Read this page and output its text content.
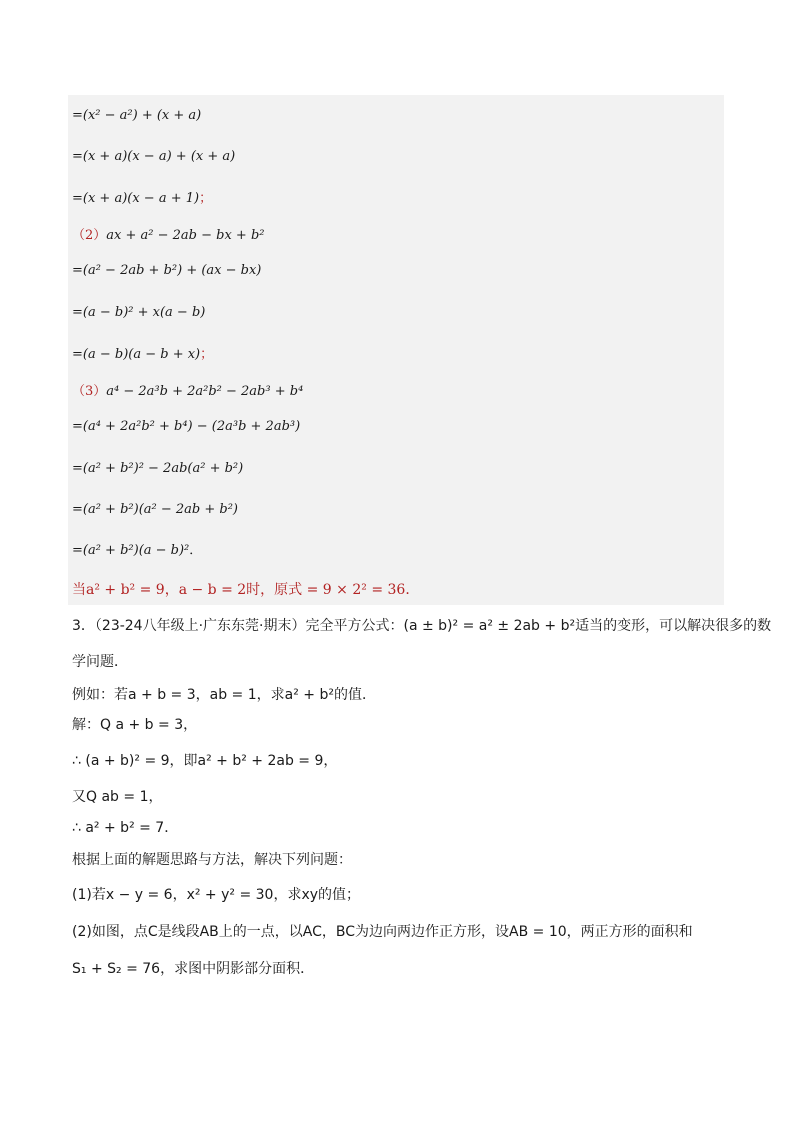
=(x² − a²) + (x + a)
=(x + a)(x − a) + (x + a)
=(x + a)(x − a + 1)；
（2）ax + a² − 2ab − bx + b²
=(a² − 2ab + b²) + (ax − bx)
=(a − b)² + x(a − b)
=(a − b)(a − b + x)；
（3）a⁴ − 2a³b + 2a²b² − 2ab³ + b⁴
=(a⁴ + 2a²b² + b⁴) − (2a³b + 2ab³)
=(a² + b²)² − 2ab(a² + b²)
=(a² + b²)(a² − 2ab + b²)
=(a² + b²)(a − b)²．
当a² + b² = 9，a − b = 2时，原式 = 9 × 2² = 36．
3．（23-24八年级上·广东东莞·期末）完全平方公式：(a ± b)² = a² ± 2ab + b²适当的变形，可以解决很多的数
学问题．
例如：若a + b = 3，ab = 1，求a² + b²的值．
解：Q a + b = 3，
∴ (a + b)² = 9，即a² + b² + 2ab = 9，
又Q ab = 1，
∴ a² + b² = 7．
根据上面的解题思路与方法，解决下列问题：
(1)若x − y = 6，x² + y² = 30，求xy的值；
(2)如图，点C是线段AB上的一点，以AC，BC为边向两边作正方形，设AB = 10，两正方形的面积和
S₁ + S₂ = 76，求图中阴影部分面积．
